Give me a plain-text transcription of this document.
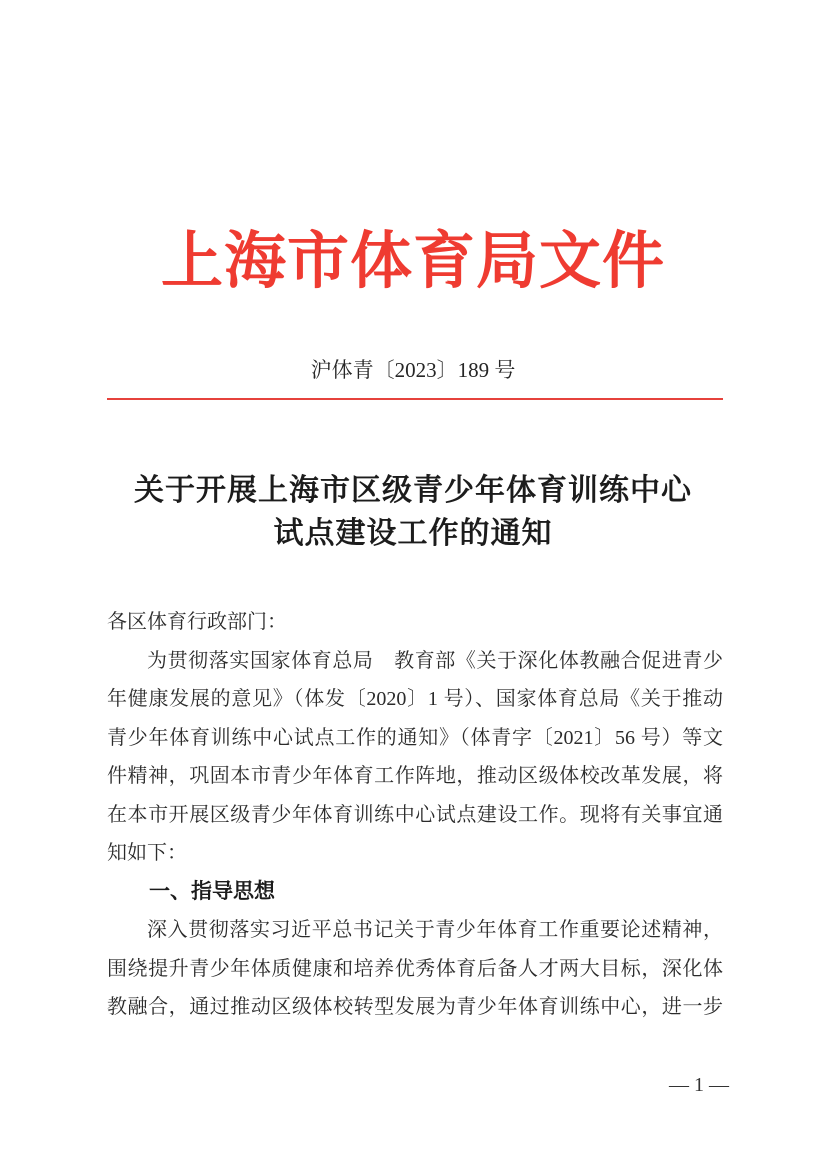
上海市体育局文件
沪体青〔2023〕189 号
关于开展上海市区级青少年体育训练中心
试点建设工作的通知
各区体育行政部门：
为贯彻落实国家体育总局　教育部《关于深化体教融合促进青少
年健康发展的意见》（体发〔2020〕1 号）、国家体育总局《关于推动
青少年体育训练中心试点工作的通知》（体青字〔2021〕56 号）等文
件精神，巩固本市青少年体育工作阵地，推动区级体校改革发展，将
在本市开展区级青少年体育训练中心试点建设工作。现将有关事宜通
知如下：
一、指导思想
深入贯彻落实习近平总书记关于青少年体育工作重要论述精神，
围绕提升青少年体质健康和培养优秀体育后备人才两大目标，深化体
教融合，通过推动区级体校转型发展为青少年体育训练中心，进一步
— 1 —
